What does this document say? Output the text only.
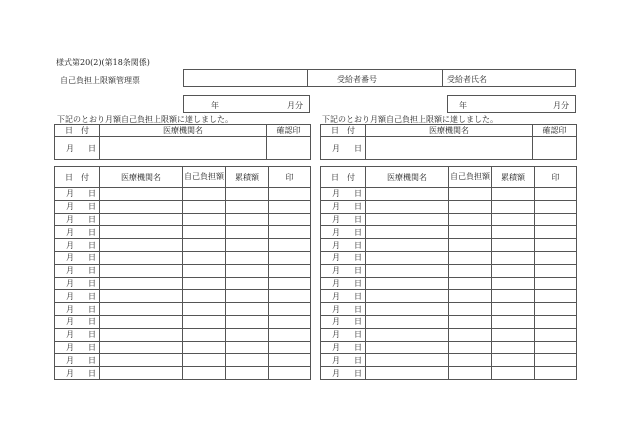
様式第20(2)(第18条関係)
自己負担上限額管理票	受給者番号	受給者氏名
年	月分	年	月分
下記のとおり月額自己負担上限額に達しました。	下記のとおり月額自己負担上限額に達しました。
日　付	医療機関名	確認印
月 日		
日　付	医療機関名	確認印
月 日		
日　付	医療機関名	自己負担額	累積額	印
月 日				
月 日				
月 日				
月 日				
月 日				
月 日				
月 日				
月 日				
月 日				
月 日				
月 日				
月 日				
月 日				
月 日				
月 日				
日　付	医療機関名	自己負担額	累積額	印
月 日				
月 日				
月 日				
月 日				
月 日				
月 日				
月 日				
月 日				
月 日				
月 日				
月 日				
月 日				
月 日				
月 日				
月 日				
